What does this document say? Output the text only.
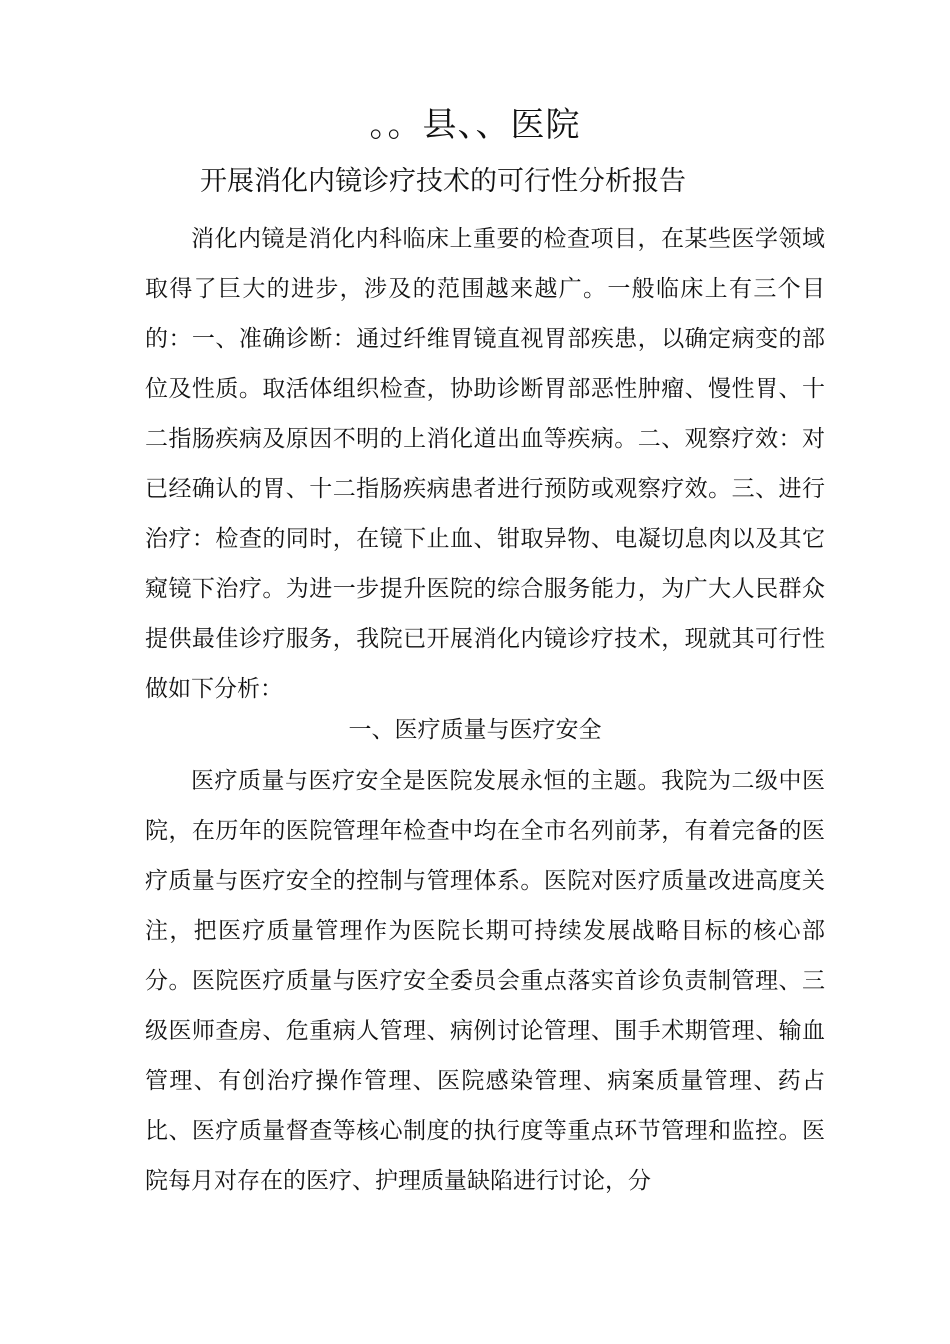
。。县、、医院
开展消化内镜诊疗技术的可行性分析报告

消化内镜是消化内科临床上重要的检查项目，在某些医学领域取得了巨大的进步，涉及的范围越来越广。一般临床上有三个目的：一、准确诊断：通过纤维胃镜直视胃部疾患，以确定病变的部位及性质。取活体组织检查，协助诊断胃部恶性肿瘤、慢性胃、十二指肠疾病及原因不明的上消化道出血等疾病。二、观察疗效：对已经确认的胃、十二指肠疾病患者进行预防或观察疗效。三、进行治疗：检查的同时，在镜下止血、钳取异物、电凝切息肉以及其它窥镜下治疗。为进一步提升医院的综合服务能力，为广大人民群众提供最佳诊疗服务，我院已开展消化内镜诊疗技术，现就其可行性做如下分析：

一、医疗质量与医疗安全

医疗质量与医疗安全是医院发展永恒的主题。我院为二级中医院，在历年的医院管理年检查中均在全市名列前茅，有着完备的医疗质量与医疗安全的控制与管理体系。医院对医疗质量改进高度关注，把医疗质量管理作为医院长期可持续发展战略目标的核心部分。医院医疗质量与医疗安全委员会重点落实首诊负责制管理、三级医师查房、危重病人管理、病例讨论管理、围手术期管理、输血管理、有创治疗操作管理、医院感染管理、病案质量管理、药占比、医疗质量督查等核心制度的执行度等重点环节管理和监控。医院每月对存在的医疗、护理质量缺陷进行讨论，分
